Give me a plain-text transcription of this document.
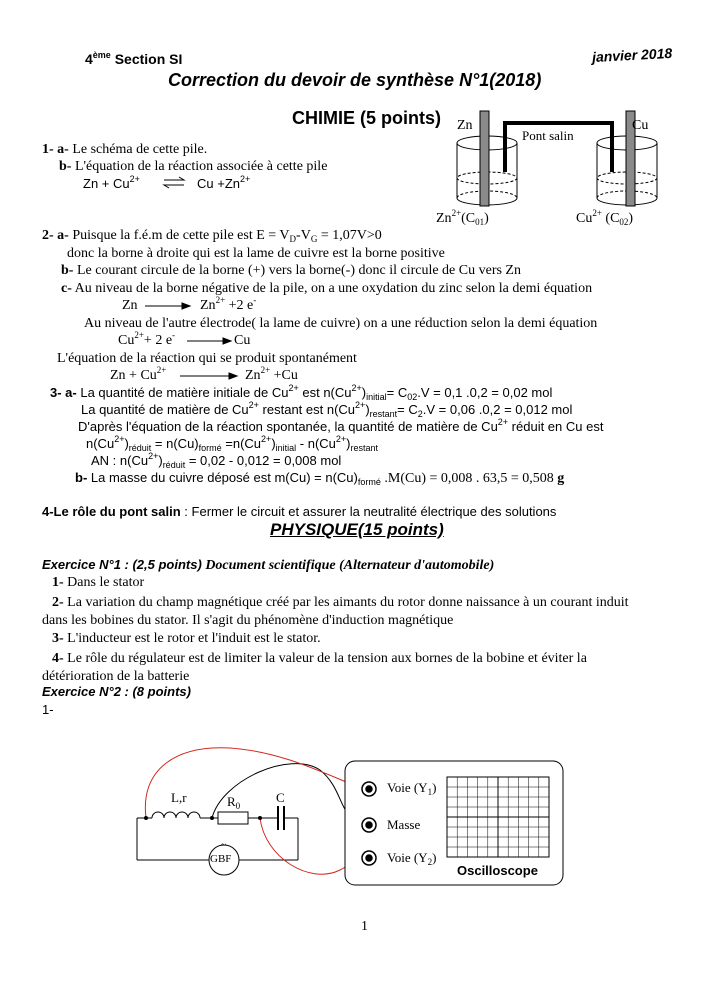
4ème Section SI	janvier 2018
Correction du devoir de synthèse N°1(2018)
CHIMIE (5 points) Zn	Cu
Pont salin
$Zn^{2+}(C_{01})$	$Cu^{2+}$ $(C_{02})$
1- a- Le schéma de cette pile.
b- L'équation de la réaction associée à cette pile
$Zn + Cu^{2+}$	$Cu +Zn^{2+}$
2- a- Puisque la f.é.m de cette pile est $E = V_D-V_G = 1,07V>0$
donc la borne à droite qui est la lame de cuivre est la borne positive
b- Le courant circule de la borne (+) vers la borne(-) donc il circule de Cu vers Zn
c- Au niveau de la borne négative de la pile, on a une oxydation du zinc selon la demi équation
Zn	$Zn^{2+} +2$ e-
Au niveau de l'autre électrode( la lame de cuivre) on a une réduction selon la demi équation
$Cu^{2+}+ 2$ e-	Cu
L'équation de la réaction qui se produit spontanément
$Zn + Cu^{2+}$	$Zn^{2+} +Cu$
3- a- La quantité de matière initiale de $Cu^{2+}$ est $n(Cu^{2+})_{initial}= C_{02}.V = 0,1$ .0,2 = 0,02 mol
La quantité de matière de $Cu^{2+}$ restant est $n(Cu^{2+})_{restant}= C_2.V = 0,06$ .0,2 = 0,012 mol
D'après l'équation de la réaction spontanée, la quantité de matière de $Cu^{2+}$ réduit en Cu est
$n(Cu^{2+})_{réduit} = n(Cu)_{formé} =n(Cu^{2+})_{initial} - n(Cu^{2+})_{restant}$
AN : $n(Cu^{2+})_{réduit} = 0,02 - 0,012 = 0,008$ mol
b- La masse du cuivre déposé est $m(Cu) = n(Cu)_{formé}$ .M(Cu) = 0,008 . 63,5 = 0,508 g
4-Le rôle du pont salin : Fermer le circuit et assurer la neutralité électrique des solutions
PHYSIQUE(15 points)
Exercice N°1 : (2,5 points) Document scientifique (Alternateur d'automobile)
1- Dans le stator
2- La variation du champ magnétique créé par les aimants du rotor donne naissance à un courant induit
dans les bobines du stator. Il s'agit du phénomène d'induction magnétique
3- L'inducteur est le rotor et l'induit est le stator.
4- Le rôle du régulateur est de limiter la valeur de la tension aux bornes de la bobine et éviter la
détérioration de la batterie
Exercice N°2 : (8 points)
1-
L,r	$R_0$
C
GBF
~
Voie $(Y_1)$
Masse
Voie $(Y_2)$
Oscilloscope
1
